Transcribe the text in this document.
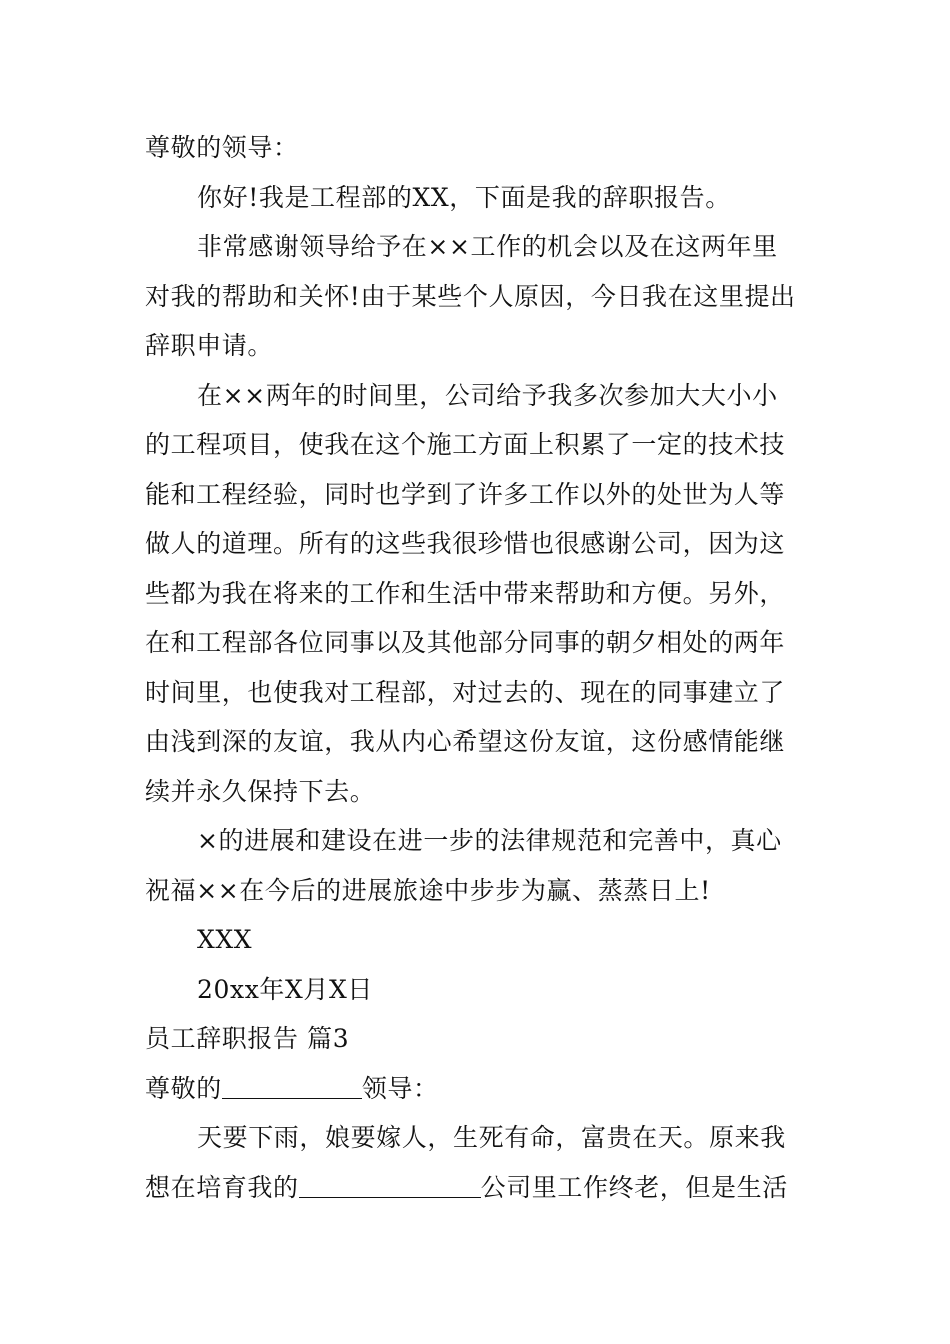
尊敬的领导：
你好!我是工程部的XX，下面是我的辞职报告。
非常感谢领导给予在××工作的机会以及在这两年里
对我的帮助和关怀!由于某些个人原因，今日我在这里提出
辞职申请。
在××两年的时间里，公司给予我多次参加大大小小
的工程项目，使我在这个施工方面上积累了一定的技术技
能和工程经验，同时也学到了许多工作以外的处世为人等
做人的道理。所有的这些我很珍惜也很感谢公司，因为这
些都为我在将来的工作和生活中带来帮助和方便。另外，
在和工程部各位同事以及其他部分同事的朝夕相处的两年
时间里，也使我对工程部，对过去的、现在的同事建立了
由浅到深的友谊，我从内心希望这份友谊，这份感情能继
续并永久保持下去。
×的进展和建设在进一步的法律规范和完善中，真心
祝福××在今后的进展旅途中步步为赢、蒸蒸日上!
XXX
20xx年X月X日
员工辞职报告 篇3
尊敬的	领导：
天要下雨，娘要嫁人，生死有命，富贵在天。原来我
想在培育我的	公司里工作终老，但是生活
